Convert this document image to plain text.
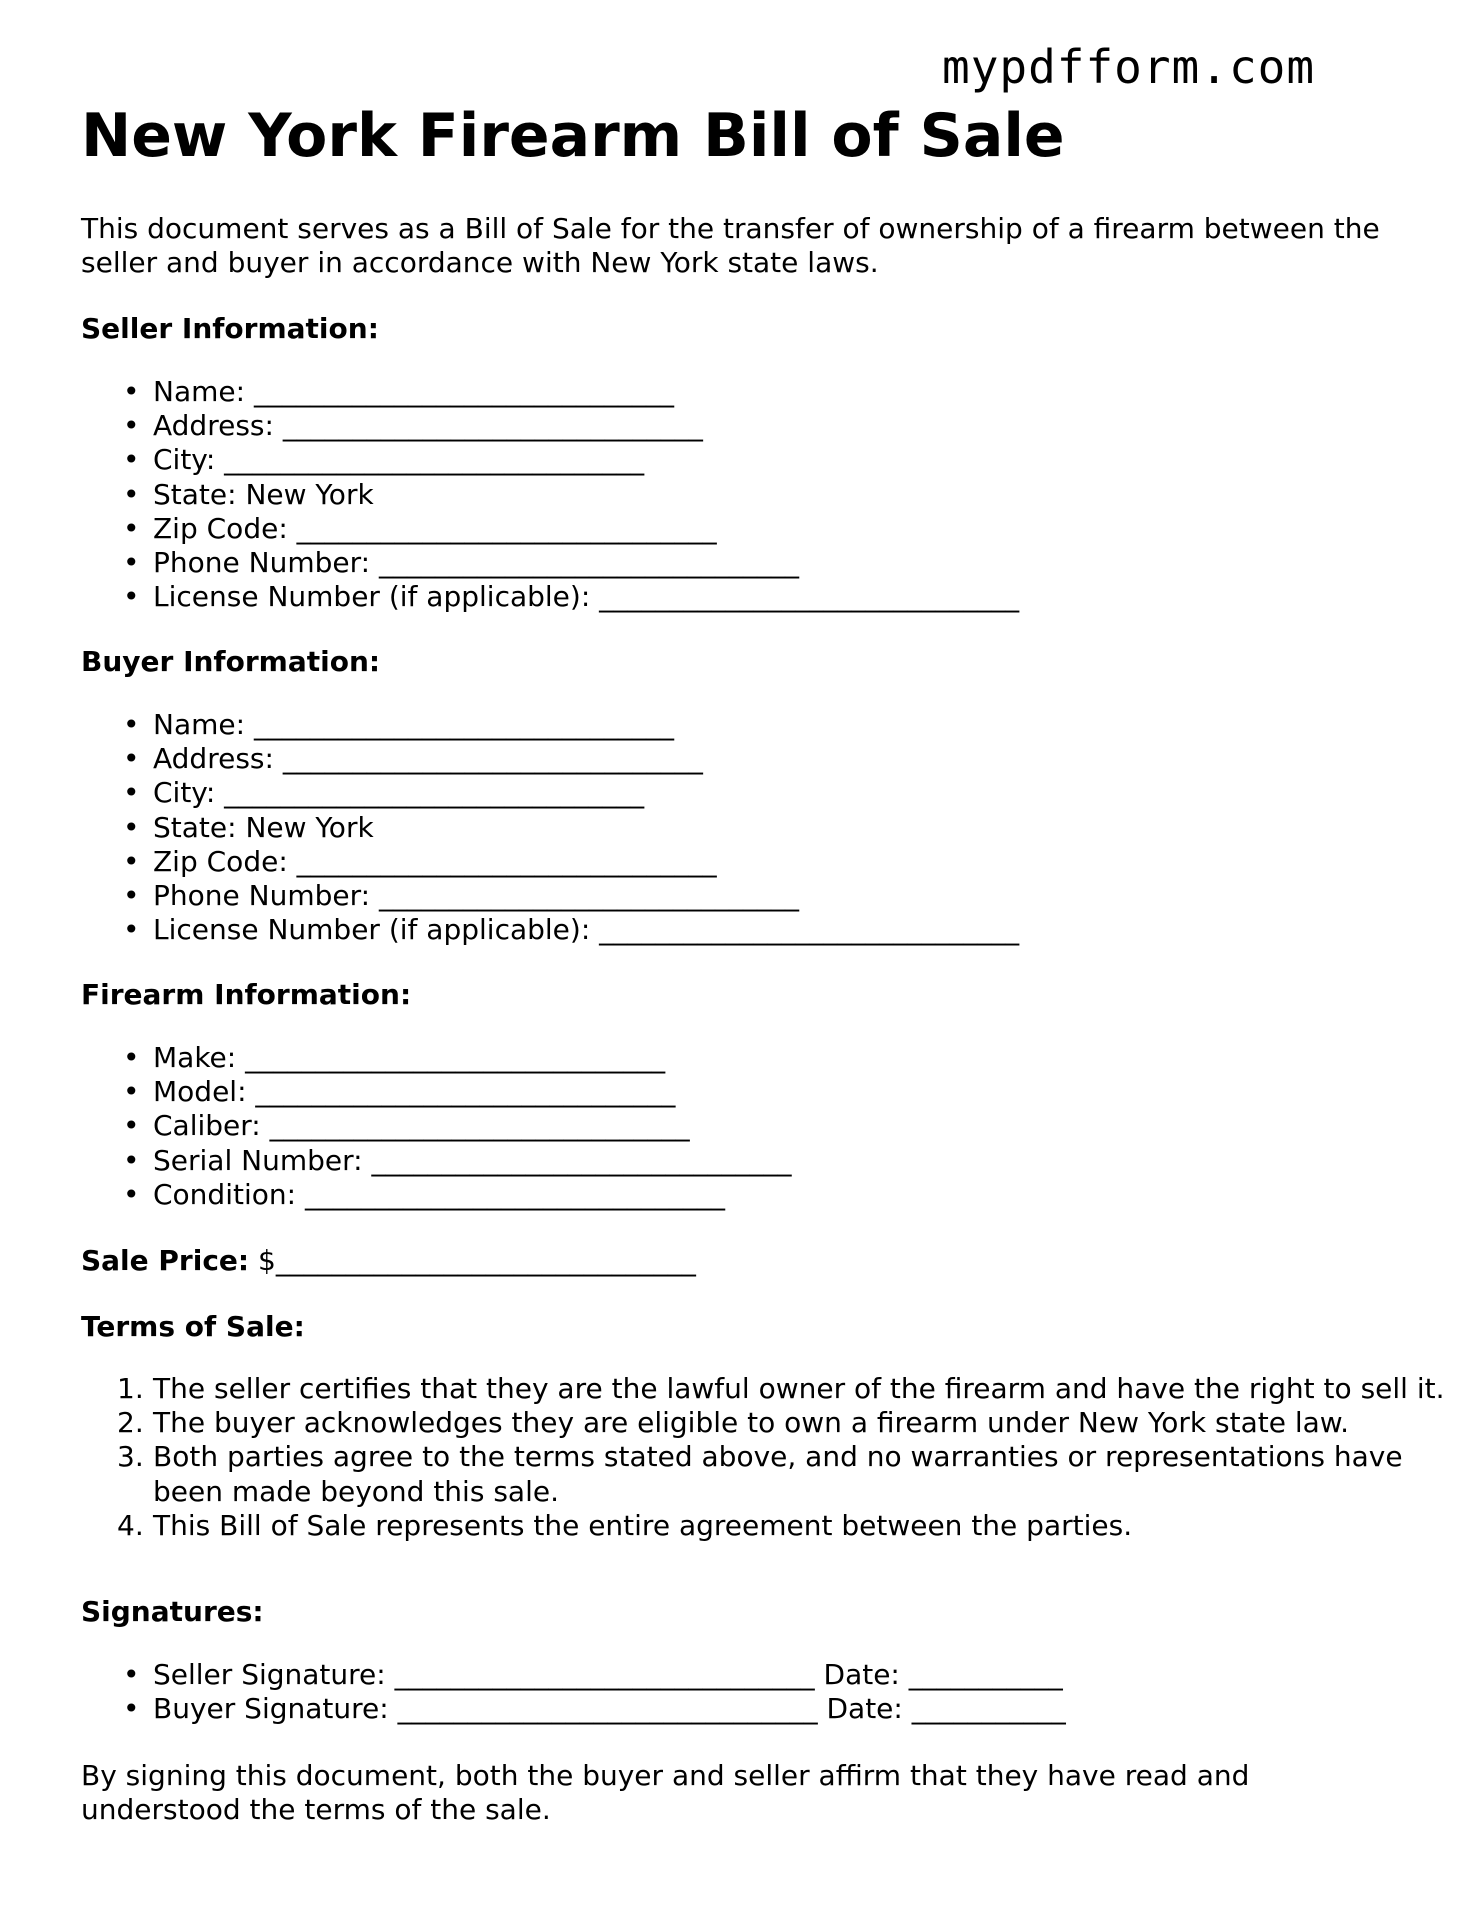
mypdfform.com
New York Firearm Bill of Sale

This document serves as a Bill of Sale for the transfer of ownership of a firearm between the seller and buyer in accordance with New York state laws.

Seller Information:
• Name: ______________________________
• Address: ______________________________
• City: ______________________________
• State: New York
• Zip Code: ______________________________
• Phone Number: ______________________________
• License Number (if applicable): ______________________________
Buyer Information:
• Name: ______________________________
• Address: ______________________________
• City: ______________________________
• State: New York
• Zip Code: ______________________________
• Phone Number: ______________________________
• License Number (if applicable): ______________________________
Firearm Information:
• Make: ______________________________
• Model: ______________________________
• Caliber: ______________________________
• Serial Number: ______________________________
• Condition: ______________________________

Sale Price: $______________________________

Terms of Sale:
1. The seller certifies that they are the lawful owner of the firearm and have the right to sell it.
2. The buyer acknowledges they are eligible to own a firearm under New York state law.
3. Both parties agree to the terms stated above, and no warranties or representations have been made beyond this sale.
4. This Bill of Sale represents the entire agreement between the parties.
Signatures:
• Seller Signature: ______________________________ Date: ___________
• Buyer Signature: ______________________________ Date: ___________

By signing this document, both the buyer and seller affirm that they have read and understood the terms of the sale.
